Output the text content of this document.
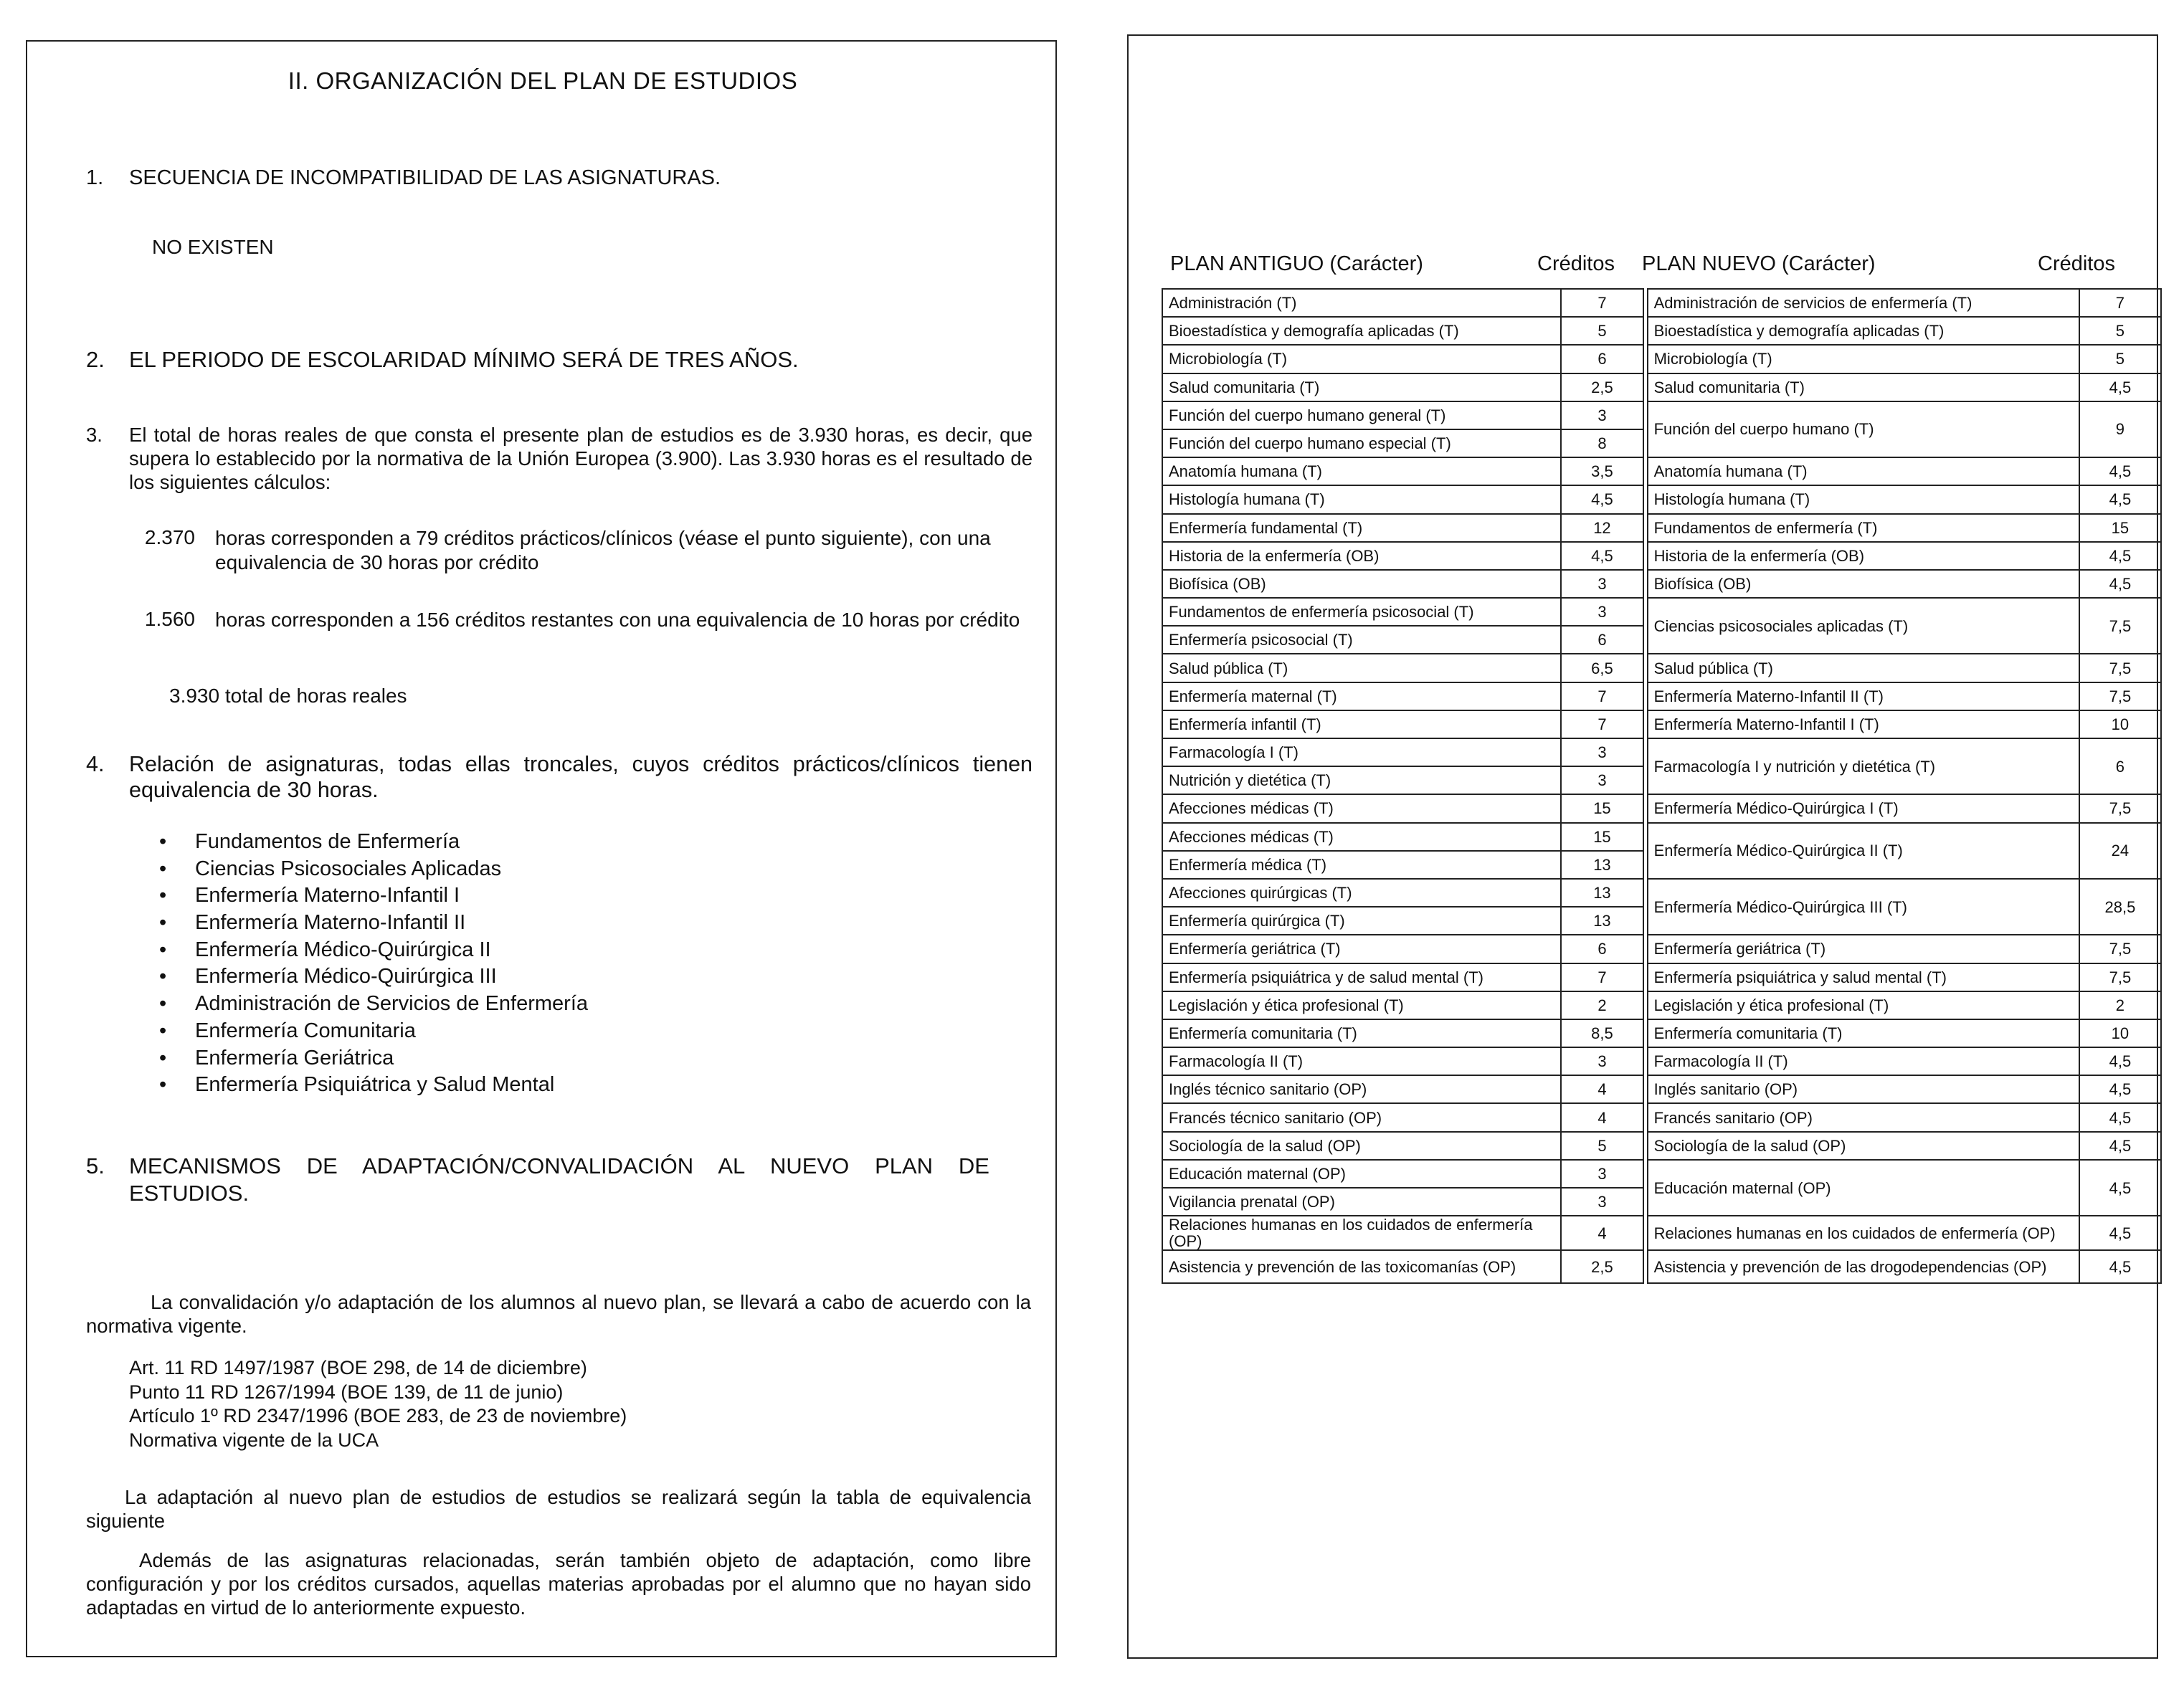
II. ORGANIZACIÓN DEL PLAN DE ESTUDIOS
1. SECUENCIA DE INCOMPATIBILIDAD DE LAS ASIGNATURAS.
NO EXISTEN
2. EL PERIODO DE ESCOLARIDAD MÍNIMO SERÁ DE TRES AÑOS.
3. El total de horas reales de que consta el presente plan de estudios es de 3.930 horas, es decir, que supera lo establecido por la normativa de la Unión Europea (3.900). Las 3.930 horas es el resultado de los siguientes cálculos:
2.370 horas corresponden a 79 créditos prácticos/clínicos (véase el punto siguiente), con una equivalencia de 30 horas por crédito
1.560 horas corresponden a 156 créditos restantes con una equivalencia de 10 horas por crédito
3.930 total de horas reales
4. Relación de asignaturas, todas ellas troncales, cuyos créditos prácticos/clínicos tienen equivalencia de 30 horas.
• Fundamentos de Enfermería
• Ciencias Psicosociales Aplicadas
• Enfermería Materno-Infantil I
• Enfermería Materno-Infantil II
• Enfermería Médico-Quirúrgica II
• Enfermería Médico-Quirúrgica III
• Administración de Servicios de Enfermería
• Enfermería Comunitaria
• Enfermería Geriátrica
• Enfermería Psiquiátrica y Salud Mental
5. MECANISMOS DE ADAPTACIÓN/CONVALIDACIÓN AL NUEVO PLAN DE ESTUDIOS.
La convalidación y/o adaptación de los alumnos al nuevo plan, se llevará a cabo de acuerdo con la normativa vigente.
Art. 11 RD 1497/1987 (BOE 298, de 14 de diciembre)
Punto 11 RD 1267/1994 (BOE 139, de 11 de junio)
Artículo 1º RD 2347/1996 (BOE 283, de 23 de noviembre)
Normativa vigente de la UCA
La adaptación al nuevo plan de estudios de estudios se realizará según la tabla de equivalencia siguiente
Además de las asignaturas relacionadas, serán también objeto de adaptación, como libre configuración y por los créditos cursados, aquellas materias aprobadas por el alumno que no hayan sido adaptadas en virtud de lo anteriormente expuesto.
PLAN ANTIGUO (Carácter)	Créditos PLAN NUEVO (Carácter)	Créditos
Administración (T)	7		Administración de servicios de enfermería (T)	7
Bioestadística y demografía aplicadas (T)	5		Bioestadística y demografía aplicadas (T)	5
Microbiología (T)	6		Microbiología (T)	5
Salud comunitaria (T)	2,5		Salud comunitaria (T)	4,5
Función del cuerpo humano general (T)	3		Función del cuerpo humano (T)	9
Función del cuerpo humano especial (T)	8			
Anatomía humana (T)	3,5		Anatomía humana (T)	4,5
Histología humana (T)	4,5		Histología humana (T)	4,5
Enfermería fundamental (T)	12		Fundamentos de enfermería (T)	15
Historia de la enfermería (OB)	4,5		Historia de la enfermería (OB)	4,5
Biofísica (OB)	3		Biofísica (OB)	4,5
Fundamentos de enfermería psicosocial (T)	3		Ciencias psicosociales aplicadas (T)	7,5
Enfermería psicosocial (T)	6			
Salud pública (T)	6,5		Salud pública (T)	7,5
Enfermería maternal (T)	7		Enfermería Materno-Infantil II (T)	7,5
Enfermería infantil (T)	7		Enfermería Materno-Infantil I (T)	10
Farmacología I (T)	3		Farmacología I y nutrición y dietética (T)	6
Nutrición y dietética (T)	3			
Afecciones médicas (T)	15		Enfermería Médico-Quirúrgica I (T)	7,5
Afecciones médicas (T)	15		Enfermería Médico-Quirúrgica II (T)	24
Enfermería médica (T)	13			
Afecciones quirúrgicas (T)	13		Enfermería Médico-Quirúrgica III (T)	28,5
Enfermería quirúrgica (T)	13			
Enfermería geriátrica (T)	6		Enfermería geriátrica (T)	7,5
Enfermería psiquiátrica y de salud mental (T)	7		Enfermería psiquiátrica y salud mental (T)	7,5
Legislación y ética profesional (T)	2		Legislación y ética profesional (T)	2
Enfermería comunitaria (T)	8,5		Enfermería comunitaria (T)	10
Farmacología II (T)	3		Farmacología II (T)	4,5
Inglés técnico sanitario (OP)	4		Inglés sanitario (OP)	4,5
Francés técnico sanitario (OP)	4		Francés sanitario (OP)	4,5
Sociología de la salud (OP)	5		Sociología de la salud (OP)	4,5
Educación maternal (OP)	3		Educación maternal (OP)	4,5
Vigilancia prenatal (OP)	3			
Relaciones humanas en los cuidados de enfermería (OP)	4		Relaciones humanas en los cuidados de enfermería (OP)	4,5
Asistencia y prevención de las toxicomanías (OP)	2,5		Asistencia y prevención de las drogodependencias (OP)	4,5
